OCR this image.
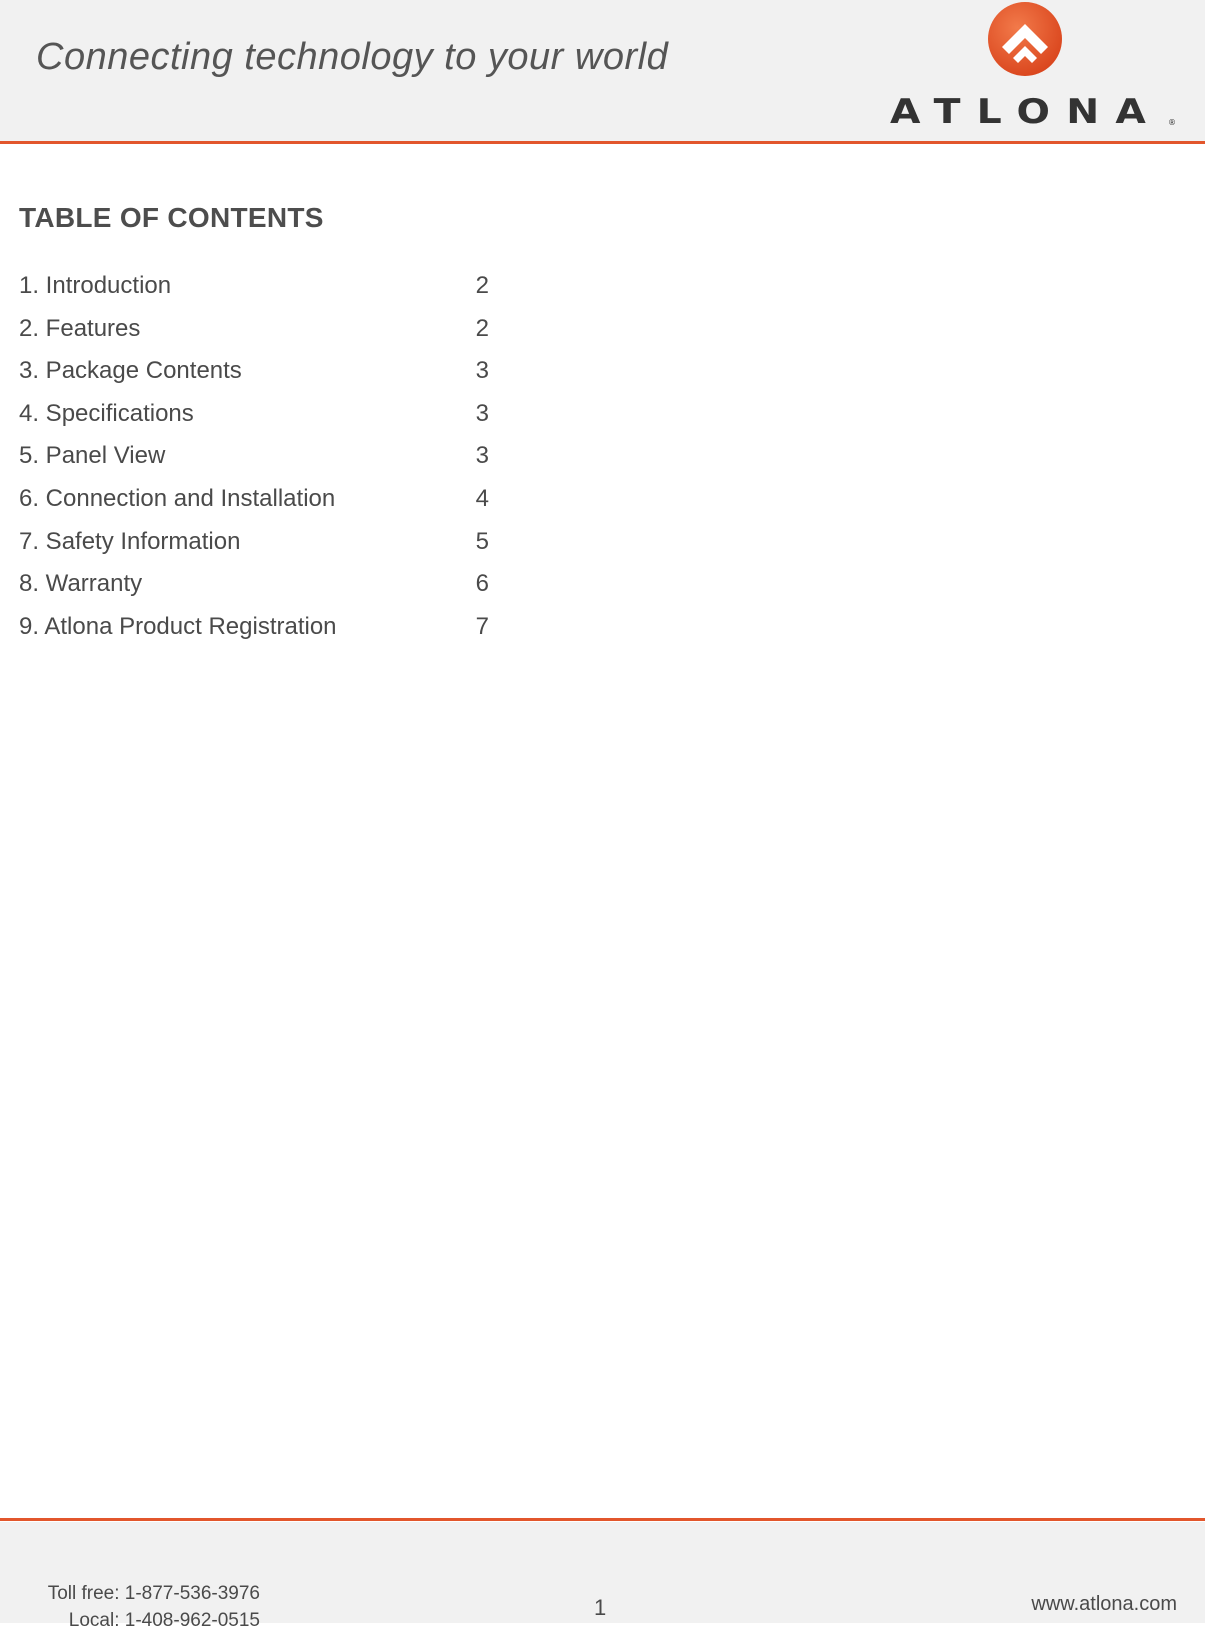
Connecting technology to your world
ATLONA ®
TABLE OF CONTENTS
1. Introduction	2
2. Features	2
3. Package Contents	3
4. Specifications	3
5. Panel View	3
6. Connection and Installation	4
7. Safety Information	5
8. Warranty	6
9. Atlona Product Registration	7
Toll free: 1-877-536-3976
Local: 1-408-962-0515
1	www.atlona.com
